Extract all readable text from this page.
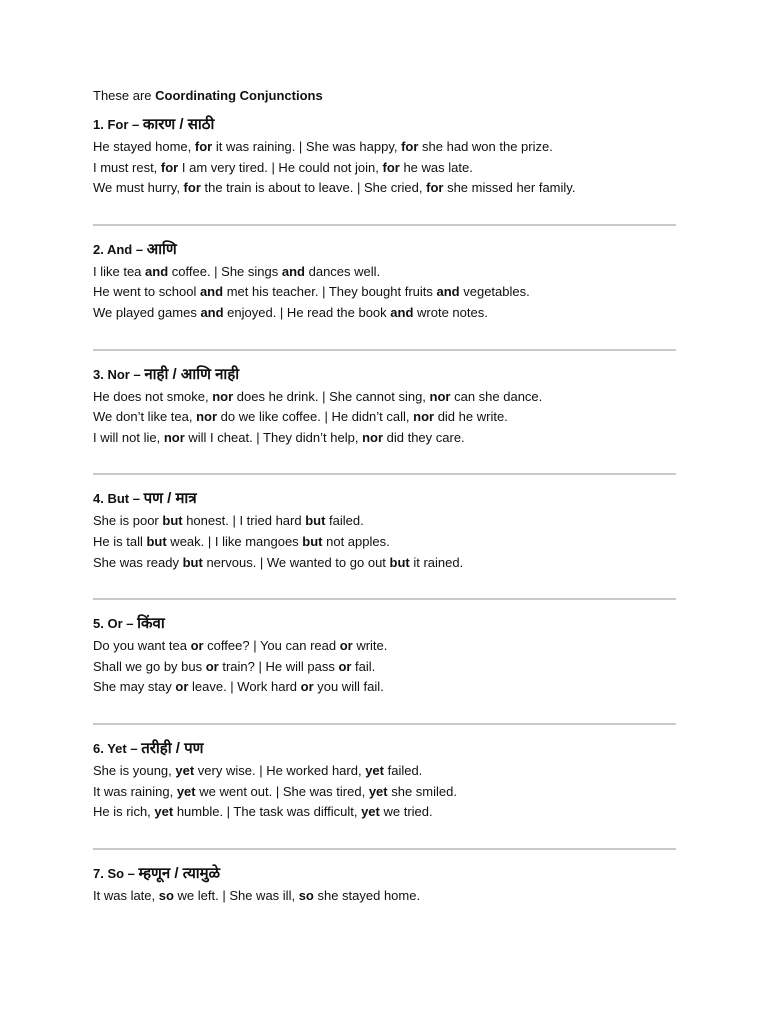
These are Coordinating Conjunctions

1. For – कारण / साठी

He stayed home, for it was raining. | She was happy, for she had won the prize.

I must rest, for I am very tired. | He could not join, for he was late.

We must hurry, for the train is about to leave. | She cried, for she missed her family.

2. And – आणि

I like tea and coffee. | She sings and dances well.

He went to school and met his teacher. | They bought fruits and vegetables.

We played games and enjoyed. | He read the book and wrote notes.

3. Nor – नाही / आणि नाही

He does not smoke, nor does he drink. | She cannot sing, nor can she dance.

We don’t like tea, nor do we like coffee. | He didn’t call, nor did he write.

I will not lie, nor will I cheat. | They didn’t help, nor did they care.

4. But – पण / मात्र

She is poor but honest. | I tried hard but failed.

He is tall but weak. | I like mangoes but not apples.

She was ready but nervous. | We wanted to go out but it rained.

5. Or – किंवा

Do you want tea or coffee? | You can read or write.

Shall we go by bus or train? | He will pass or fail.

She may stay or leave. | Work hard or you will fail.

6. Yet – तरीही / पण

She is young, yet very wise. | He worked hard, yet failed.

It was raining, yet we went out. | She was tired, yet she smiled.

He is rich, yet humble. | The task was difficult, yet we tried.

7. So – म्हणून / त्यामुळे

It was late, so we left. | She was ill, so she stayed home.
